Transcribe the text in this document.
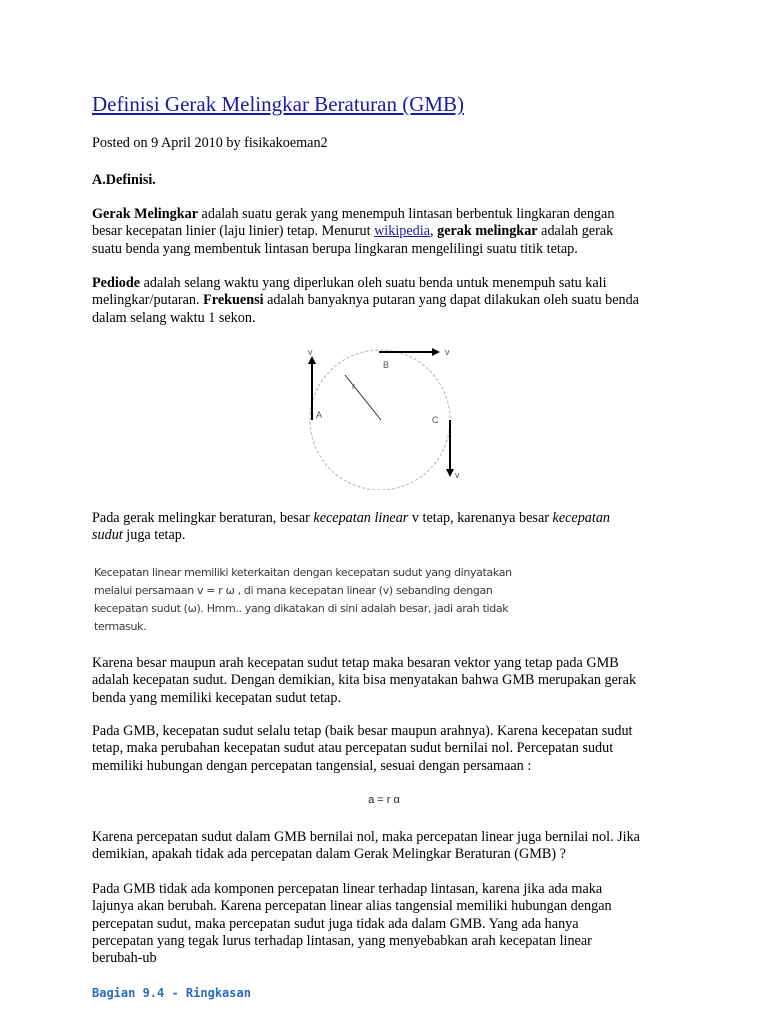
Definisi Gerak Melingkar Beraturan (GMB)

Posted on 9 April 2010 by fisikakoeman2

A.Definisi.

Gerak Melingkar adalah suatu gerak yang menempuh lintasan berbentuk lingkaran dengan
besar kecepatan linier (laju linier) tetap. Menurut wikipedia, gerak melingkar adalah gerak
suatu benda yang membentuk lintasan berupa lingkaran mengelilingi suatu titik tetap.
Pediode adalah selang waktu yang diperlukan oleh suatu benda untuk menempuh satu kali
melingkar/putaran. Frekuensi adalah banyaknya putaran yang dapat dilakukan oleh suatu benda
dalam selang waktu 1 sekon.
v	v
v
A
B
C
r
Pada gerak melingkar beraturan, besar kecepatan linear v tetap, karenanya besar kecepatan
sudut juga tetap.
Kecepatan linear memiliki keterkaitan dengan kecepatan sudut yang dinyatakan
melalui persamaan v = r ω , di mana kecepatan linear (v) sebanding dengan
kecepatan sudut (ω). Hmm.. yang dikatakan di sini adalah besar, jadi arah tidak
termasuk.
Karena besar maupun arah kecepatan sudut tetap maka besaran vektor yang tetap pada GMB
adalah kecepatan sudut. Dengan demikian, kita bisa menyatakan bahwa GMB merupakan gerak
benda yang memiliki kecepatan sudut tetap.
Pada GMB, kecepatan sudut selalu tetap (baik besar maupun arahnya). Karena kecepatan sudut
tetap, maka perubahan kecepatan sudut atau percepatan sudut bernilai nol. Percepatan sudut
memiliki hubungan dengan percepatan tangensial, sesuai dengan persamaan :
a = r α
Karena percepatan sudut dalam GMB bernilai nol, maka percepatan linear juga bernilai nol. Jika
demikian, apakah tidak ada percepatan dalam Gerak Melingkar Beraturan (GMB) ?
Pada GMB tidak ada komponen percepatan linear terhadap lintasan, karena jika ada maka
lajunya akan berubah. Karena percepatan linear alias tangensial memiliki hubungan dengan
percepatan sudut, maka percepatan sudut juga tidak ada dalam GMB. Yang ada hanya
percepatan yang tegak lurus terhadap lintasan, yang menyebabkan arah kecepatan linear
berubah-ub
Bagian 9.4 - Ringkasan
